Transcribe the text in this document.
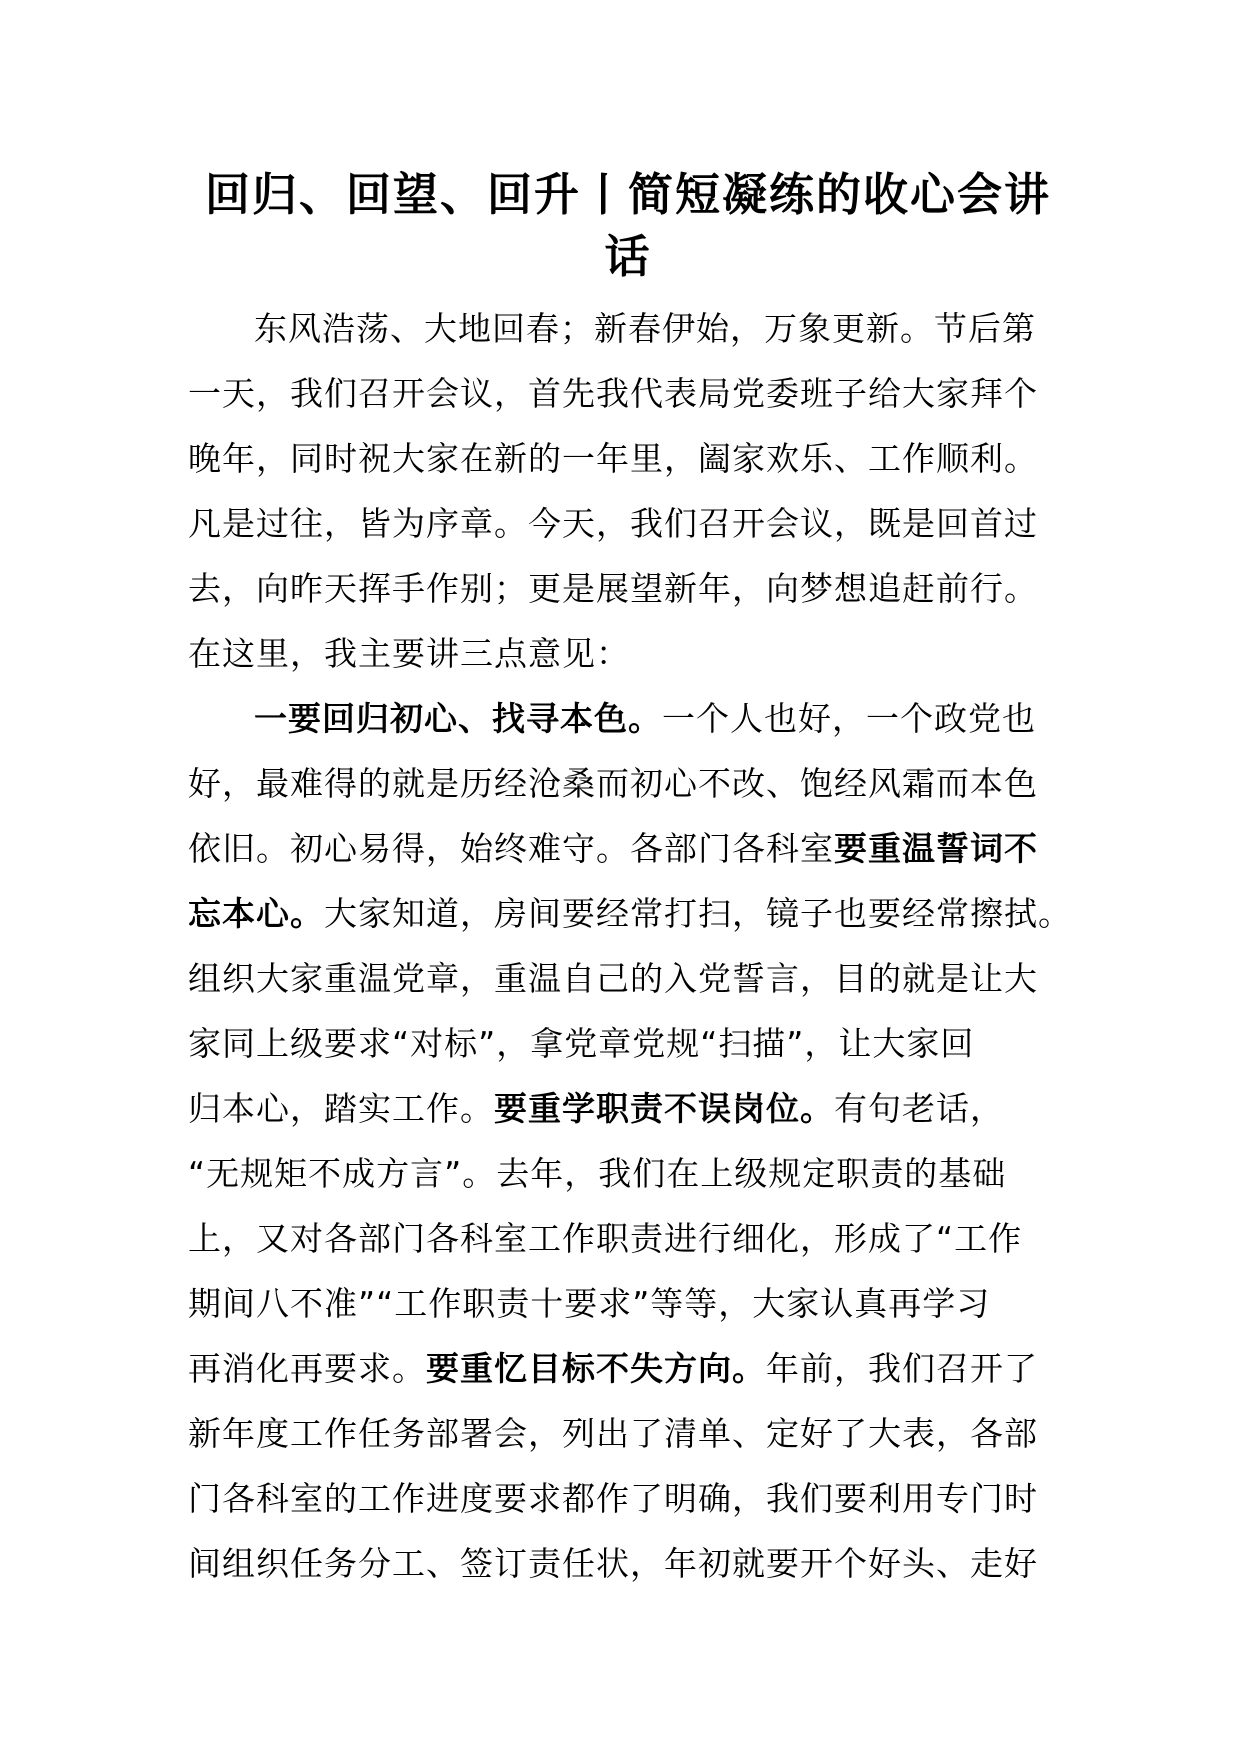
回归、回望、回升丨简短凝练的收心会讲话
东风浩荡、大地回春；新春伊始，万象更新。节后第
一天，我们召开会议，首先我代表局党委班子给大家拜个
晚年，同时祝大家在新的一年里，阖家欢乐、工作顺利。
凡是过往，皆为序章。今天，我们召开会议，既是回首过
去，向昨天挥手作别；更是展望新年，向梦想追赶前行。
在这里，我主要讲三点意见：
一要回归初心、找寻本色。一个人也好，一个政党也
好，最难得的就是历经沧桑而初心不改、饱经风霜而本色
依旧。初心易得，始终难守。各部门各科室要重温誓词不
忘本心。大家知道，房间要经常打扫，镜子也要经常擦拭。
组织大家重温党章，重温自己的入党誓言，目的就是让大
家同上级要求“对标”，拿党章党规“扫描”，让大家回
归本心，踏实工作。要重学职责不误岗位。有句老话，
“无规矩不成方言”。去年，我们在上级规定职责的基础
上，又对各部门各科室工作职责进行细化，形成了“工作
期间八不准”“工作职责十要求”等等，大家认真再学习
再消化再要求。要重忆目标不失方向。年前，我们召开了
新年度工作任务部署会，列出了清单、定好了大表，各部
门各科室的工作进度要求都作了明确，我们要利用专门时
间组织任务分工、签订责任状，年初就要开个好头、走好
